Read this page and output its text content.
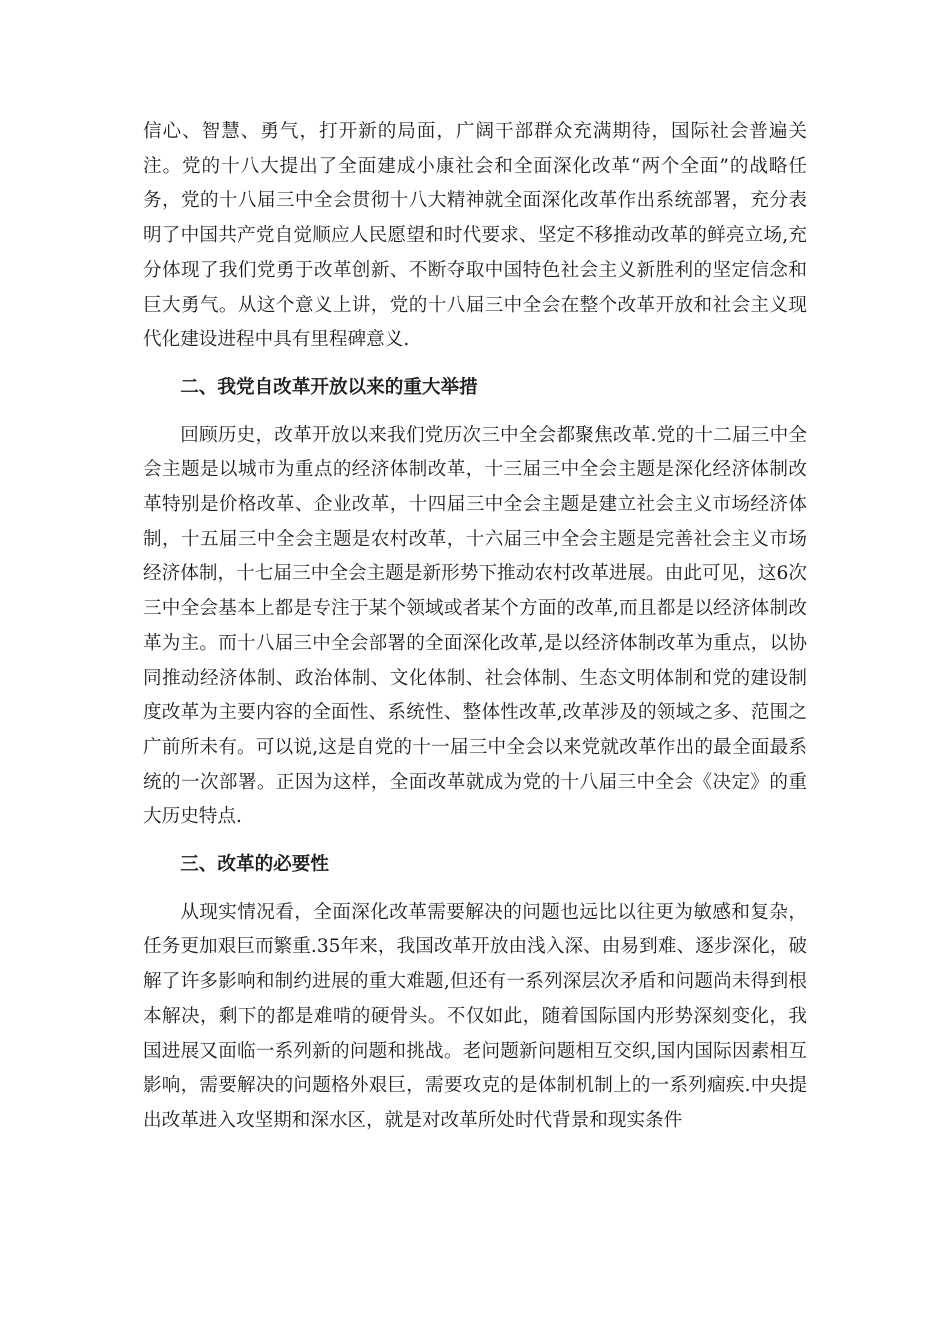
信心、智慧、勇气，打开新的局面，广阔干部群众充满期待，国际社会普遍关注。党的十八大提出了全面建成小康社会和全面深化改革“两个全面”的战略任务，党的十八届三中全会贯彻十八大精神就全面深化改革作出系统部署，充分表明了中国共产党自觉顺应人民愿望和时代要求、坚定不移推动改革的鲜亮立场,充分体现了我们党勇于改革创新、不断夺取中国特色社会主义新胜利的坚定信念和巨大勇气。从这个意义上讲，党的十八届三中全会在整个改革开放和社会主义现代化建设进程中具有里程碑意义.

二、我党自改革开放以来的重大举措

回顾历史，改革开放以来我们党历次三中全会都聚焦改革.党的十二届三中全会主题是以城市为重点的经济体制改革，十三届三中全会主题是深化经济体制改革特别是价格改革、企业改革，十四届三中全会主题是建立社会主义市场经济体制，十五届三中全会主题是农村改革，十六届三中全会主题是完善社会主义市场经济体制，十七届三中全会主题是新形势下推动农村改革进展。由此可见，这6次三中全会基本上都是专注于某个领域或者某个方面的改革,而且都是以经济体制改革为主。而十八届三中全会部署的全面深化改革,是以经济体制改革为重点，以协同推动经济体制、政治体制、文化体制、社会体制、生态文明体制和党的建设制度改革为主要内容的全面性、系统性、整体性改革,改革涉及的领域之多、范围之广前所未有。可以说,这是自党的十一届三中全会以来党就改革作出的最全面最系统的一次部署。正因为这样，全面改革就成为党的十八届三中全会《决定》的重大历史特点.

三、改革的必要性

从现实情况看，全面深化改革需要解决的问题也远比以往更为敏感和复杂，任务更加艰巨而繁重.35年来，我国改革开放由浅入深、由易到难、逐步深化，破解了许多影响和制约进展的重大难题,但还有一系列深层次矛盾和问题尚未得到根本解决，剩下的都是难啃的硬骨头。不仅如此，随着国际国内形势深刻变化，我国进展又面临一系列新的问题和挑战。老问题新问题相互交织,国内国际因素相互影响，需要解决的问题格外艰巨，需要攻克的是体制机制上的一系列痼疾.中央提出改革进入攻坚期和深水区，就是对改革所处时代背景和现实条件
